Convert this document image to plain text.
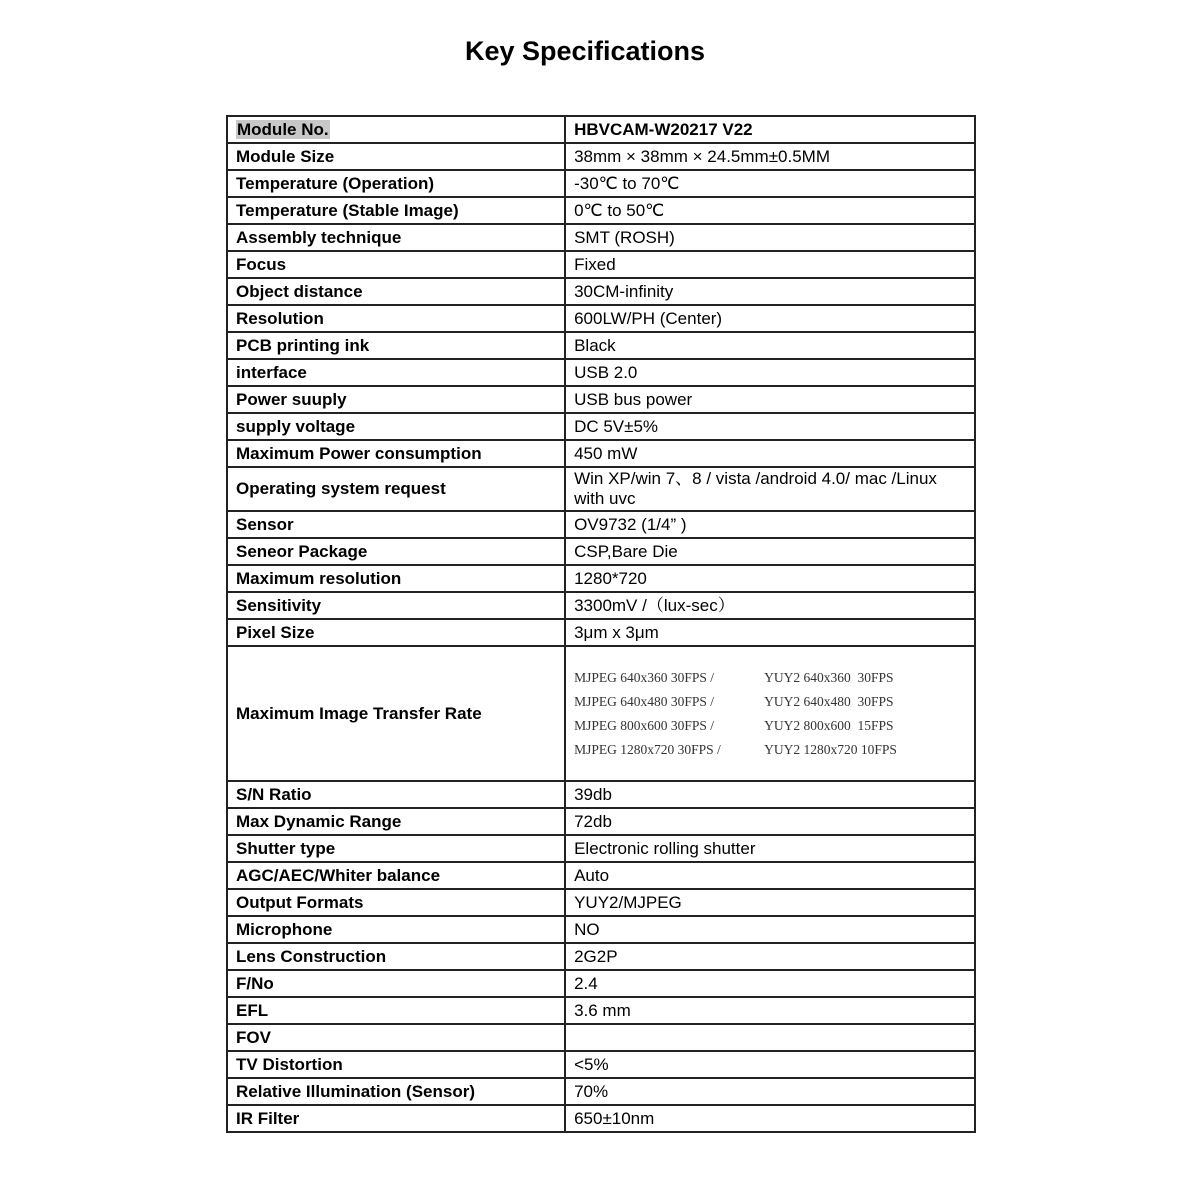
Key Specifications
Module No.	HBVCAM-W20217 V22
Module Size	38mm × 38mm × 24.5mm±0.5MM
Temperature (Operation)	-30℃ to 70℃
Temperature (Stable Image)	0℃ to 50℃
Assembly technique	SMT (ROSH)
Focus	Fixed
Object distance	30CM-infinity
Resolution	600LW/PH (Center)
PCB printing ink	Black
interface	USB 2.0
Power suuply	USB bus power
supply voltage	DC 5V±5%
Maximum Power consumption	450 mW
Operating system request	Win XP/win 7、8 / vista /android 4.0/ mac /Linux with uvc
Sensor	OV9732 (1/4” )
Seneor Package	CSP,Bare Die
Maximum resolution	1280*720
Sensitivity	3300mV /（lux-sec）
Pixel Size	3μm x 3μm
Maximum Image Transfer Rate	
MJPEG 640x360 30FPS /	YUY2 640x360  30FPS
MJPEG 640x480 30FPS /	YUY2 640x480  30FPS
MJPEG 800x600 30FPS /	YUY2 800x600  15FPS
MJPEG 1280x720 30FPS /	YUY2 1280x720 10FPS

S/N Ratio	39db
Max Dynamic Range	72db
Shutter type	Electronic rolling shutter
AGC/AEC/Whiter balance	Auto
Output Formats	YUY2/MJPEG
Microphone	NO
Lens Construction	2G2P
F/No	2.4
EFL	3.6 mm
FOV	
TV Distortion	<5%
Relative Illumination (Sensor)	70%
IR Filter	650±10nm
